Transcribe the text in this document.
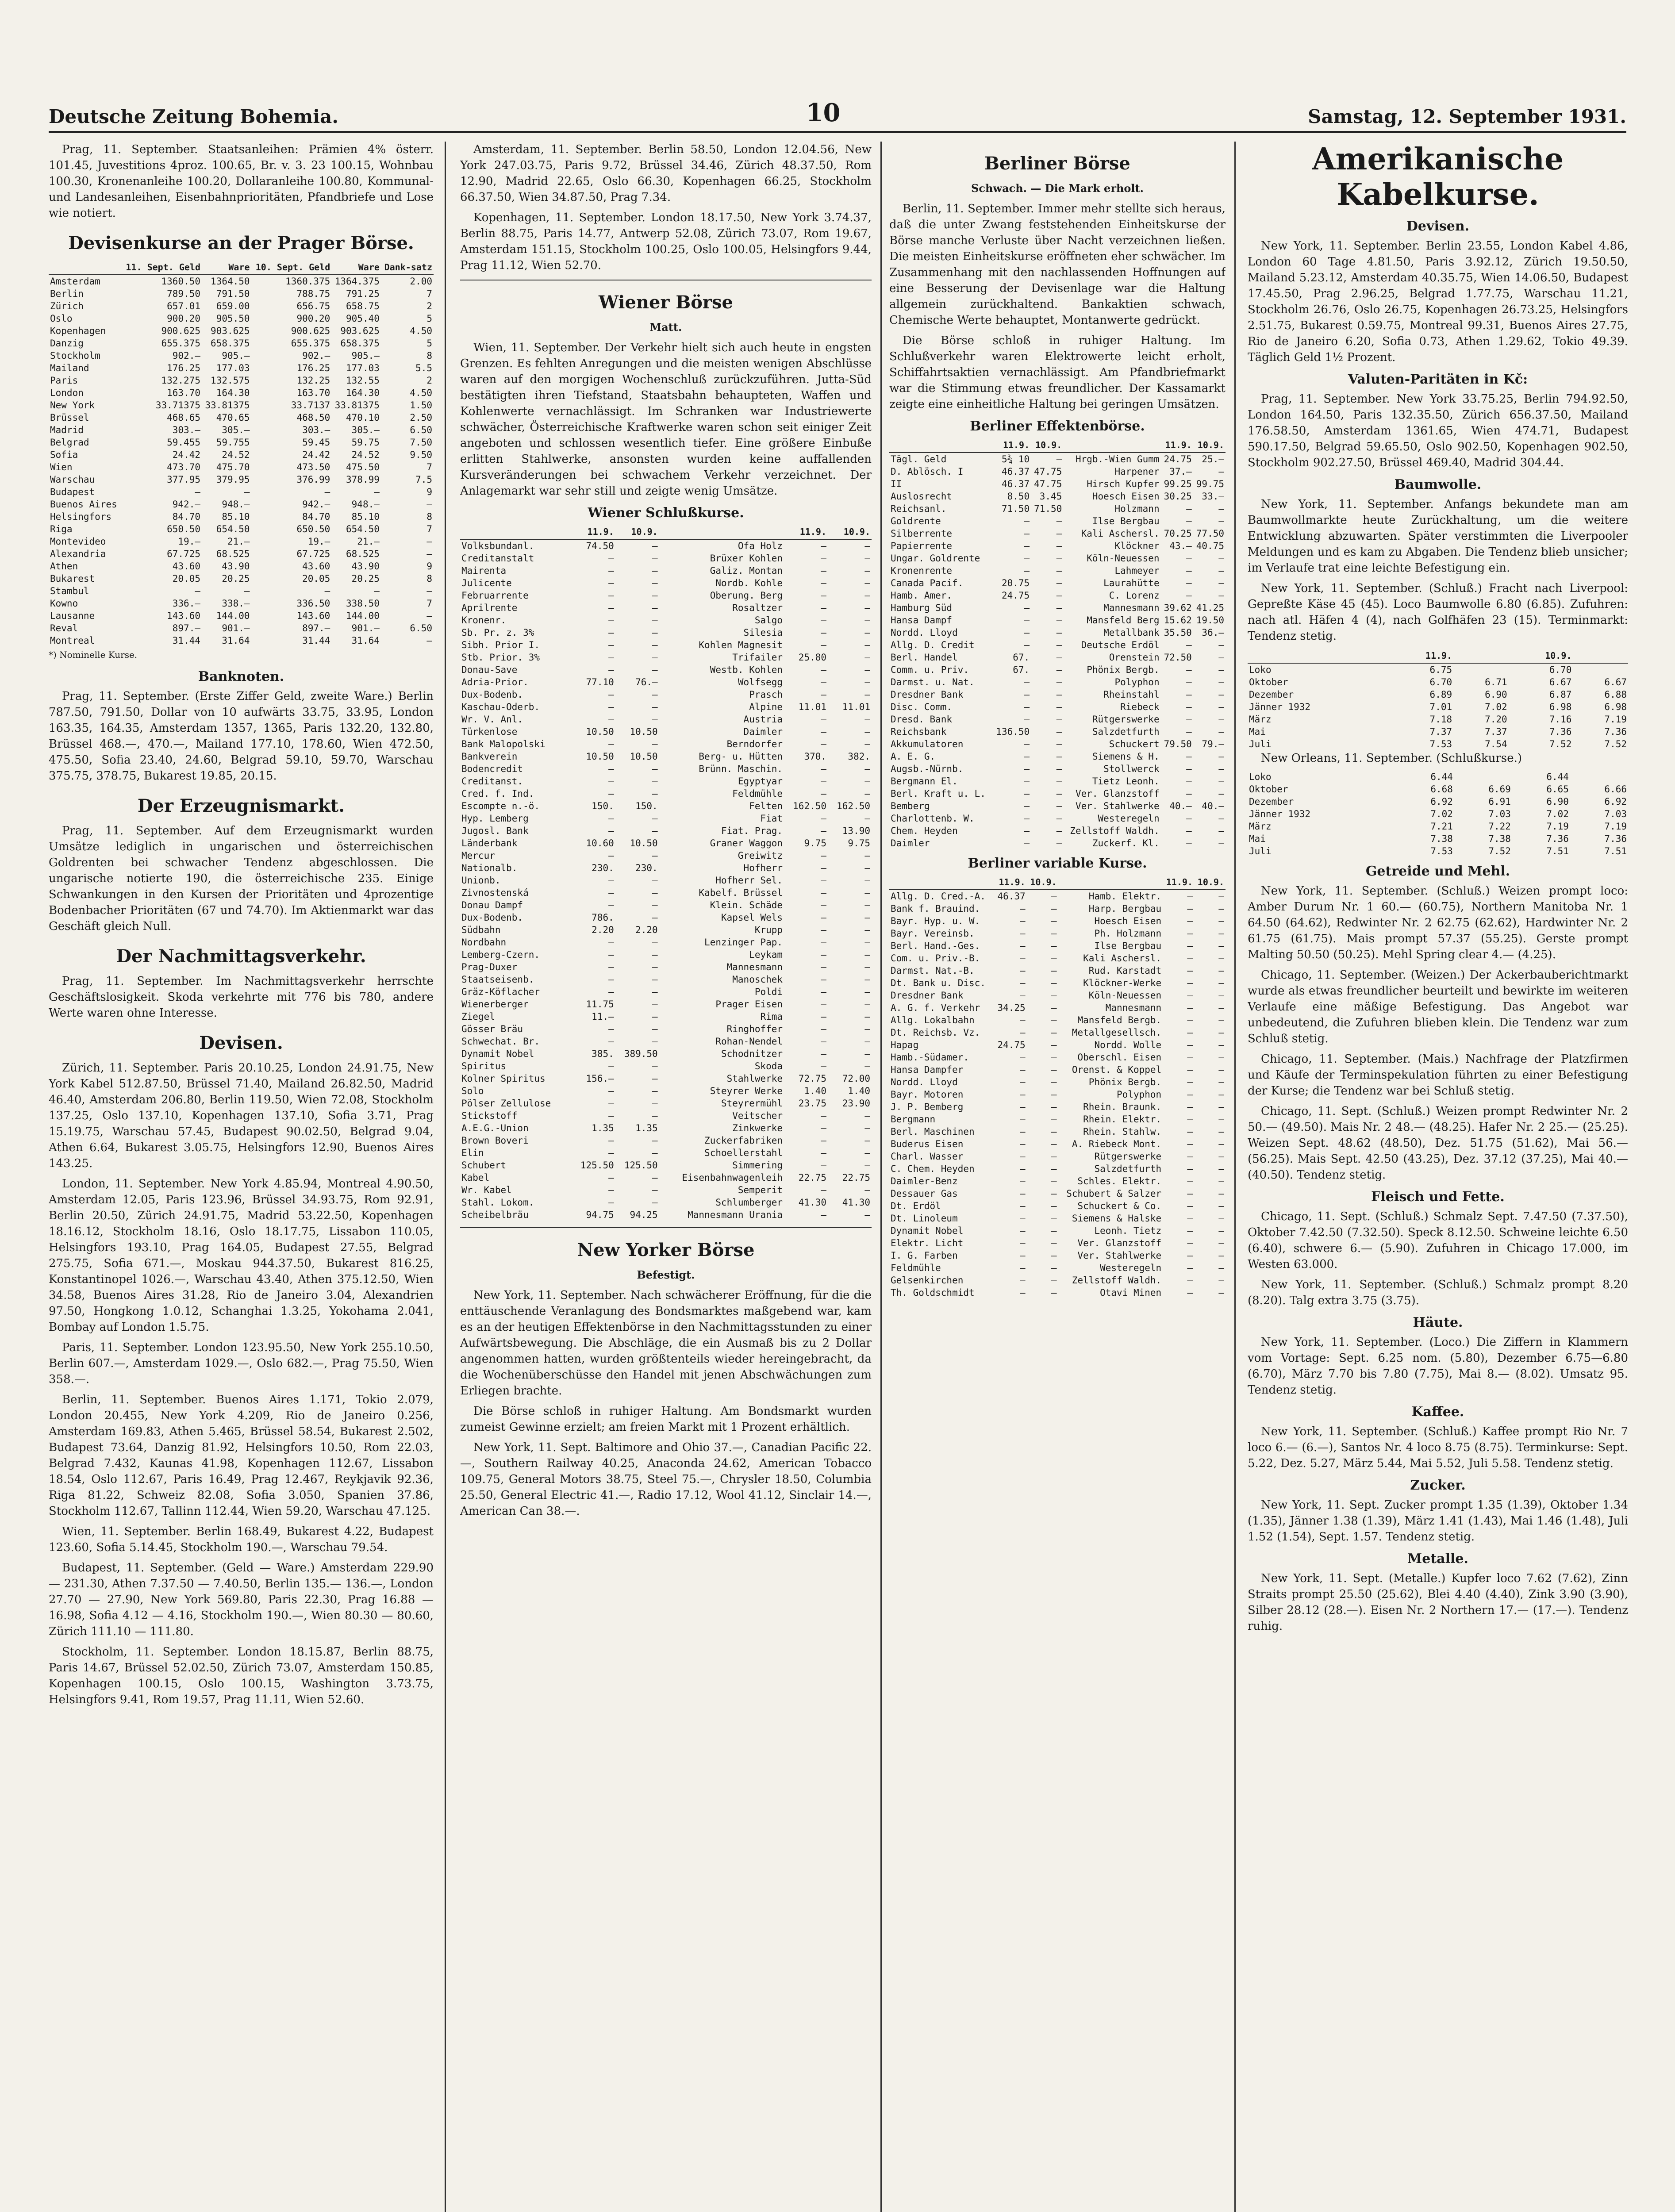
Deutsche Zeitung Bohemia.	10	Samstag, 12. September 1931.

Prag, 11. September. Staatsanleihen: Prämien 4% österr. 101.45, Juvestitions 4proz. 100.65, Br. v. 3. 23 100.15, Wohnbau 100.30, Kronenanleihe 100.20, Dollaranleihe 100.80, Kommunal- und Landesanleihen, Eisenbahnprioritäten, Pfandbriefe und Lose wie notiert.

Devisenkurse an der Prager Börse.
	11. Sept. Geld	Ware	10. Sept. Geld	Ware	Dank-satz
Amsterdam	1360.50	1364.50	1360.375	1364.375	2.00
Berlin	789.50	791.50	788.75	791.25	7
Zürich	657.01	659.00	656.75	658.75	2
Oslo	900.20	905.50	900.20	905.40	5
Kopenhagen	900.625	903.625	900.625	903.625	4.50
Danzig	655.375	658.375	655.375	658.375	5
Stockholm	902.—	905.—	902.—	905.—	8
Mailand	176.25	177.03	176.25	177.03	5.5
Paris	132.275	132.575	132.25	132.55	2
London	163.70	164.30	163.70	164.30	4.50
New York	33.71375	33.81375	33.7137	33.81375	1.50
Brüssel	468.65	470.65	468.50	470.10	2.50
Madrid	303.—	305.—	303.—	305.—	6.50
Belgrad	59.455	59.755	59.45	59.75	7.50
Sofia	24.42	24.52	24.42	24.52	9.50
Wien	473.70	475.70	473.50	475.50	7
Warschau	377.95	379.95	376.99	378.99	7.5
Budapest	—	—	—	—	9
Buenos Aires	942.—	948.—	942.—	948.—	—
Helsingfors	84.70	85.10	84.70	85.10	8
Riga	650.50	654.50	650.50	654.50	7
Montevideo	19.—	21.—	19.—	21.—	—
Alexandria	67.725	68.525	67.725	68.525	—
Athen	43.60	43.90	43.60	43.90	9
Bukarest	20.05	20.25	20.05	20.25	8
Stambul	—	—	—	—	—
Kowno	336.—	338.—	336.50	338.50	7
Lausanne	143.60	144.00	143.60	144.00	—
Reval	897.—	901.—	897.—	901.—	6.50
Montreal	31.44	31.64	31.44	31.64	—

*) Nominelle Kurse.

Banknoten.

Prag, 11. September. (Erste Ziffer Geld, zweite Ware.) Berlin 787.50, 791.50, Dollar von 10 aufwärts 33.75, 33.95, London 163.35, 164.35, Amsterdam 1357, 1365, Paris 132.20, 132.80, Brüssel 468.—, 470.—, Mailand 177.10, 178.60, Wien 472.50, 475.50, Sofia 23.40, 24.60, Belgrad 59.10, 59.70, Warschau 375.75, 378.75, Bukarest 19.85, 20.15.

Der Erzeugnismarkt.

Prag, 11. September. Auf dem Erzeugnismarkt wurden Umsätze lediglich in ungarischen und österreichischen Goldrenten bei schwacher Tendenz abgeschlossen. Die ungarische notierte 190, die österreichische 235. Einige Schwankungen in den Kursen der Prioritäten und 4prozentige Bodenbacher Prioritäten (67 und 74.70). Im Aktienmarkt war das Geschäft gleich Null.

Der Nachmittagsverkehr.

Prag, 11. September. Im Nachmittagsverkehr herrschte Geschäftslosigkeit. Skoda verkehrte mit 776 bis 780, andere Werte waren ohne Interesse.

Devisen.

Zürich, 11. September. Paris 20.10.25, London 24.91.75, New York Kabel 512.87.50, Brüssel 71.40, Mailand 26.82.50, Madrid 46.40, Amsterdam 206.80, Berlin 119.50, Wien 72.08, Stockholm 137.25, Oslo 137.10, Kopenhagen 137.10, Sofia 3.71, Prag 15.19.75, Warschau 57.45, Budapest 90.02.50, Belgrad 9.04, Athen 6.64, Bukarest 3.05.75, Helsingfors 12.90, Buenos Aires 143.25.

London, 11. September. New York 4.85.94, Montreal 4.90.50, Amsterdam 12.05, Paris 123.96, Brüssel 34.93.75, Rom 92.91, Berlin 20.50, Zürich 24.91.75, Madrid 53.22.50, Kopenhagen 18.16.12, Stockholm 18.16, Oslo 18.17.75, Lissabon 110.05, Helsingfors 193.10, Prag 164.05, Budapest 27.55, Belgrad 275.75, Sofia 671.—, Moskau 944.37.50, Bukarest 816.25, Konstantinopel 1026.—, Warschau 43.40, Athen 375.12.50, Wien 34.58, Buenos Aires 31.28, Rio de Janeiro 3.04, Alexandrien 97.50, Hongkong 1.0.12, Schanghai 1.3.25, Yokohama 2.041, Bombay auf London 1.5.75.

Paris, 11. September. London 123.95.50, New York 255.10.50, Berlin 607.—, Amsterdam 1029.—, Oslo 682.—, Prag 75.50, Wien 358.—.

Berlin, 11. September. Buenos Aires 1.171, Tokio 2.079, London 20.455, New York 4.209, Rio de Janeiro 0.256, Amsterdam 169.83, Athen 5.465, Brüssel 58.54, Bukarest 2.502, Budapest 73.64, Danzig 81.92, Helsingfors 10.50, Rom 22.03, Belgrad 7.432, Kaunas 41.98, Kopenhagen 112.67, Lissabon 18.54, Oslo 112.67, Paris 16.49, Prag 12.467, Reykjavik 92.36, Riga 81.22, Schweiz 82.08, Sofia 3.050, Spanien 37.86, Stockholm 112.67, Tallinn 112.44, Wien 59.20, Warschau 47.125.

Wien, 11. September. Berlin 168.49, Bukarest 4.22, Budapest 123.60, Sofia 5.14.45, Stockholm 190.—, Warschau 79.54.

Budapest, 11. September. (Geld — Ware.) Amsterdam 229.90 — 231.30, Athen 7.37.50 — 7.40.50, Berlin 135.— 136.—, London 27.70 — 27.90, New York 569.80, Paris 22.30, Prag 16.88 — 16.98, Sofia 4.12 — 4.16, Stockholm 190.—, Wien 80.30 — 80.60, Zürich 111.10 — 111.80.

Stockholm, 11. September. London 18.15.87, Berlin 88.75, Paris 14.67, Brüssel 52.02.50, Zürich 73.07, Amsterdam 150.85, Kopenhagen 100.15, Oslo 100.15, Washington 3.73.75, Helsingfors 9.41, Rom 19.57, Prag 11.11, Wien 52.60.

Amsterdam, 11. September. Berlin 58.50, London 12.04.56, New York 247.03.75, Paris 9.72, Brüssel 34.46, Zürich 48.37.50, Rom 12.90, Madrid 22.65, Oslo 66.30, Kopenhagen 66.25, Stockholm 66.37.50, Wien 34.87.50, Prag 7.34.

Kopenhagen, 11. September. London 18.17.50, New York 3.74.37, Berlin 88.75, Paris 14.77, Antwerp 52.08, Zürich 73.07, Rom 19.67, Amsterdam 151.15, Stockholm 100.25, Oslo 100.05, Helsingfors 9.44, Prag 11.12, Wien 52.70.

Wiener Börse
Matt.

Wien, 11. September. Der Verkehr hielt sich auch heute in engsten Grenzen. Es fehlten Anregungen und die meisten wenigen Abschlüsse waren auf den morgigen Wochenschluß zurückzuführen. Jutta-Süd bestätigten ihren Tiefstand, Staatsbahn behaupteten, Waffen und Kohlenwerte vernachlässigt. Im Schranken war Industriewerte schwächer, Österreichische Kraftwerke waren schon seit einiger Zeit angeboten und schlossen wesentlich tiefer. Eine größere Einbuße erlitten Stahlwerke, ansonsten wurden keine auffallenden Kursveränderungen bei schwachem Verkehr verzeichnet. Der Anlagemarkt war sehr still und zeigte wenig Umsätze.

Wiener Schlußkurse.
	11.9.	10.9.		11.9.	10.9.
Volksbundanl.	74.50	—	Ofa Holz	—	—
Creditanstalt	—	—	Brüxer Kohlen	—	—
Mairenta	—	—	Galiz. Montan	—	—
Julicente	—	—	Nordb. Kohle	—	—
Februarrente	—	—	Oberung. Berg	—	—
Aprilrente	—	—	Rosaltzer	—	—
Kronenr.	—	—	Salgo	—	—
Sb. Pr. z. 3%	—	—	Silesia	—	—
Sibh. Prior I.	—	—	Kohlen Magnesit	—	—
Stb. Prior. 3%	—	—	Trifailer	25.80	—
Donau-Save	—	—	Westb. Kohlen	—	—
Adria-Prior.	77.10	76.—	Wolfsegg	—	—
Dux-Bodenb.	—	—	Prasch	—	—
Kaschau-Oderb.	—	—	Alpine	11.01	11.01
Wr. V. Anl.	—	—	Austria	—	—
Türkenlose	10.50	10.50	Daimler	—	—
Bank Malopolski	—	—	Berndorfer	—	—
Bankverein	10.50	10.50	Berg- u. Hütten	370.	382.
Bodencredit	—	—	Brünn. Maschin.	—	—
Creditanst.	—	—	Egyptyar	—	—
Cred. f. Ind.	—	—	Feldmühle	—	—
Escompte n.-ö.	150.	150.	Felten	162.50	162.50
Hyp. Lemberg	—	—	Fiat	—	—
Jugosl. Bank	—	—	Fiat. Prag.	—	13.90
Länderbank	10.60	10.50	Graner Waggon	9.75	9.75
Mercur	—	—	Greiwitz	—	—
Nationalb.	230.	230.	Hofherr	—	—
Unionb.	—	—	Hofherr Sel.	—	—
Zivnostenská	—	—	Kabelf. Brüssel	—	—
Donau Dampf	—	—	Klein. Schäde	—	—
Dux-Bodenb.	786.	—	Kapsel Wels	—	—
Südbahn	2.20	2.20	Krupp	—	—
Nordbahn	—	—	Lenzinger Pap.	—	—
Lemberg-Czern.	—	—	Leykam	—	—
Prag-Duxer	—	—	Mannesmann	—	—
Staatseisenb.	—	—	Manoschek	—	—
Gräz-Köflacher	—	—	Poldi	—	—
Wienerberger	11.75	—	Prager Eisen	—	—
Ziegel	11.—	—	Rima	—	—
Gösser Bräu	—	—	Ringhoffer	—	—
Schwechat. Br.	—	—	Rohan-Nendel	—	—
Dynamit Nobel	385.	389.50	Schodnitzer	—	—
Spiritus	—	—	Skoda	—	—
Kolner Spiritus	156.—	—	Stahlwerke	72.75	72.00
Solo	—	—	Steyrer Werke	1.40	1.40
Pölser Zellulose	—	—	Steyrermühl	23.75	23.90
Stickstoff	—	—	Veitscher	—	—
A.E.G.-Union	1.35	1.35	Zinkwerke	—	—
Brown Boveri	—	—	Zuckerfabriken	—	—
Elin	—	—	Schoellerstahl	—	—
Schubert	125.50	125.50	Simmering	—	—
Kabel	—	—	Eisenbahnwagenleih	22.75	22.75
Wr. Kabel	—	—	Semperit	—	—
Stahl. Lokom.	—	—	Schlumberger	41.30	41.30
Scheibelbräu	94.75	94.25	Mannesmann Urania	—	—
New Yorker Börse
Befestigt.

New York, 11. September. Nach schwächerer Eröffnung, für die die enttäuschende Veranlagung des Bondsmarktes maßgebend war, kam es an der heutigen Effektenbörse in den Nachmittagsstunden zu einer Aufwärtsbewegung. Die Abschläge, die ein Ausmaß bis zu 2 Dollar angenommen hatten, wurden größtenteils wieder hereingebracht, da die Wochenüberschüsse den Handel mit jenen Abschwächungen zum Erliegen brachte.

Die Börse schloß in ruhiger Haltung. Am Bondsmarkt wurden zumeist Gewinne erzielt; am freien Markt mit 1 Prozent erhältlich.

New York, 11. Sept. Baltimore and Ohio 37.—, Canadian Pacific 22.—, Southern Railway 40.25, Anaconda 24.62, American Tobacco 109.75, General Motors 38.75, Steel 75.—, Chrysler 18.50, Columbia 25.50, General Electric 41.—, Radio 17.12, Wool 41.12, Sinclair 14.—, American Can 38.—.

Berliner Börse
Schwach. — Die Mark erholt.

Berlin, 11. September. Immer mehr stellte sich heraus, daß die unter Zwang feststehenden Einheitskurse der Börse manche Verluste über Nacht verzeichnen ließen. Die meisten Einheitskurse eröffneten eher schwächer. Im Zusammenhang mit den nachlassenden Hoffnungen auf eine Besserung der Devisenlage war die Haltung allgemein zurückhaltend. Bankaktien schwach, Chemische Werte behauptet, Montanwerte gedrückt.

Die Börse schloß in ruhiger Haltung. Im Schlußverkehr waren Elektrowerte leicht erholt, Schiffahrtsaktien vernachlässigt. Am Pfandbriefmarkt war die Stimmung etwas freundlicher. Der Kassamarkt zeigte eine einheitliche Haltung bei geringen Umsätzen.

Berliner Effektenbörse.
	11.9.	10.9.		11.9.	10.9.
Tägl. Geld	5¾ 10	—	Hrgb.-Wien Gumm	24.75	25.—
D. Ablösch. I	46.37	47.75	Harpener	37.—	—
II	46.37	47.75	Hirsch Kupfer	99.25	99.75
Auslosrecht	8.50	3.45	Hoesch Eisen	30.25	33.—
Reichsanl.	71.50	71.50	Holzmann	—	—
Goldrente	—	—	Ilse Bergbau	—	—
Silberrente	—	—	Kali Aschersl.	70.25	77.50
Papierrente	—	—	Klöckner	43.—	40.75
Ungar. Goldrente	—	—	Köln-Neuessen	—	—
Kronenrente	—	—	Lahmeyer	—	—
Canada Pacif.	20.75	—	Laurahütte	—	—
Hamb. Amer.	24.75	—	C. Lorenz	—	—
Hamburg Süd	—	—	Mannesmann	39.62	41.25
Hansa Dampf	—	—	Mansfeld Berg	15.62	19.50
Nordd. Lloyd	—	—	Metallbank	35.50	36.—
Allg. D. Credit	—	—	Deutsche Erdöl	—	—
Berl. Handel	67.	—	Orenstein	72.50	—
Comm. u. Priv.	67.	—	Phönix Bergb.	—	—
Darmst. u. Nat.	—	—	Polyphon	—	—
Dresdner Bank	—	—	Rheinstahl	—	—
Disc. Comm.	—	—	Riebeck	—	—
Dresd. Bank	—	—	Rütgerswerke	—	—
Reichsbank	136.50	—	Salzdetfurth	—	—
Akkumulatoren	—	—	Schuckert	79.50	79.—
A. E. G.	—	—	Siemens & H.	—	—
Augsb.-Nürnb.	—	—	Stollwerck	—	—
Bergmann El.	—	—	Tietz Leonh.	—	—
Berl. Kraft u. L.	—	—	Ver. Glanzstoff	—	—
Bemberg	—	—	Ver. Stahlwerke	40.—	40.—
Charlottenb. W.	—	—	Westeregeln	—	—
Chem. Heyden	—	—	Zellstoff Waldh.	—	—
Daimler	—	—	Zuckerf. Kl.	—	—
Berliner variable Kurse.
	11.9.	10.9.		11.9.	10.9.
Allg. D. Cred.-A.	46.37	—	Hamb. Elektr.	—	—
Bank f. Brauind.	—	—	Harp. Bergbau	—	—
Bayr. Hyp. u. W.	—	—	Hoesch Eisen	—	—
Bayr. Vereinsb.	—	—	Ph. Holzmann	—	—
Berl. Hand.-Ges.	—	—	Ilse Bergbau	—	—
Com. u. Priv.-B.	—	—	Kali Aschersl.	—	—
Darmst. Nat.-B.	—	—	Rud. Karstadt	—	—
Dt. Bank u. Disc.	—	—	Klöckner-Werke	—	—
Dresdner Bank	—	—	Köln-Neuessen	—	—
A. G. f. Verkehr	34.25	—	Mannesmann	—	—
Allg. Lokalbahn	—	—	Mansfeld Bergb.	—	—
Dt. Reichsb. Vz.	—	—	Metallgesellsch.	—	—
Hapag	24.75	—	Nordd. Wolle	—	—
Hamb.-Südamer.	—	—	Oberschl. Eisen	—	—
Hansa Dampfer	—	—	Orenst. & Koppel	—	—
Nordd. Lloyd	—	—	Phönix Bergb.	—	—
Bayr. Motoren	—	—	Polyphon	—	—
J. P. Bemberg	—	—	Rhein. Braunk.	—	—
Bergmann	—	—	Rhein. Elektr.	—	—
Berl. Maschinen	—	—	Rhein. Stahlw.	—	—
Buderus Eisen	—	—	A. Riebeck Mont.	—	—
Charl. Wasser	—	—	Rütgerswerke	—	—
C. Chem. Heyden	—	—	Salzdetfurth	—	—
Daimler-Benz	—	—	Schles. Elektr.	—	—
Dessauer Gas	—	—	Schubert & Salzer	—	—
Dt. Erdöl	—	—	Schuckert & Co.	—	—
Dt. Linoleum	—	—	Siemens & Halske	—	—
Dynamit Nobel	—	—	Leonh. Tietz	—	—
Elektr. Licht	—	—	Ver. Glanzstoff	—	—
I. G. Farben	—	—	Ver. Stahlwerke	—	—
Feldmühle	—	—	Westeregeln	—	—
Gelsenkirchen	—	—	Zellstoff Waldh.	—	—
Th. Goldschmidt	—	—	Otavi Minen	—	—
Amerikanische Kabelkurse.
Devisen.

New York, 11. September. Berlin 23.55, London Kabel 4.86, London 60 Tage 4.81.50, Paris 3.92.12, Zürich 19.50.50, Mailand 5.23.12, Amsterdam 40.35.75, Wien 14.06.50, Budapest 17.45.50, Prag 2.96.25, Belgrad 1.77.75, Warschau 11.21, Stockholm 26.76, Oslo 26.75, Kopenhagen 26.73.25, Helsingfors 2.51.75, Bukarest 0.59.75, Montreal 99.31, Buenos Aires 27.75, Rio de Janeiro 6.20, Sofia 0.73, Athen 1.29.62, Tokio 49.39. Täglich Geld 1½ Prozent.

Valuten-Paritäten in Kč:

Prag, 11. September. New York 33.75.25, Berlin 794.92.50, London 164.50, Paris 132.35.50, Zürich 656.37.50, Mailand 176.58.50, Amsterdam 1361.65, Wien 474.71, Budapest 590.17.50, Belgrad 59.65.50, Oslo 902.50, Kopenhagen 902.50, Stockholm 902.27.50, Brüssel 469.40, Madrid 304.44.

Baumwolle.

New York, 11. September. Anfangs bekundete man am Baumwollmarkte heute Zurückhaltung, um die weitere Entwicklung abzuwarten. Später verstimmten die Liverpooler Meldungen und es kam zu Abgaben. Die Tendenz blieb unsicher; im Verlaufe trat eine leichte Befestigung ein.

New York, 11. September. (Schluß.) Fracht nach Liverpool: Gepreßte Käse 45 (45). Loco Baumwolle 6.80 (6.85). Zufuhren: nach atl. Häfen 4 (4), nach Golfhäfen 23 (15). Terminmarkt: Tendenz stetig.

	11.9.		10.9.	
Loko	6.75		6.70	
Oktober	6.70	6.71	6.67	6.67
Dezember	6.89	6.90	6.87	6.88
Jänner 1932	7.01	7.02	6.98	6.98
März	7.18	7.20	7.16	7.19
Mai	7.37	7.37	7.36	7.36
Juli	7.53	7.54	7.52	7.52

New Orleans, 11. September. (Schlußkurse.)

Loko	6.44		6.44	
Oktober	6.68	6.69	6.65	6.66
Dezember	6.92	6.91	6.90	6.92
Jänner 1932	7.02	7.03	7.02	7.03
März	7.21	7.22	7.19	7.19
Mai	7.38	7.38	7.36	7.36
Juli	7.53	7.52	7.51	7.51
Getreide und Mehl.

New York, 11. September. (Schluß.) Weizen prompt loco: Amber Durum Nr. 1 60.— (60.75), Northern Manitoba Nr. 1 64.50 (64.62), Redwinter Nr. 2 62.75 (62.62), Hardwinter Nr. 2 61.75 (61.75). Mais prompt 57.37 (55.25). Gerste prompt Malting 50.50 (50.25). Mehl Spring clear 4.— (4.25).

Chicago, 11. September. (Weizen.) Der Ackerbauberichtmarkt wurde als etwas freundlicher beurteilt und bewirkte im weiteren Verlaufe eine mäßige Befestigung. Das Angebot war unbedeutend, die Zufuhren blieben klein. Die Tendenz war zum Schluß stetig.

Chicago, 11. September. (Mais.) Nachfrage der Platzfirmen und Käufe der Terminspekulation führten zu einer Befestigung der Kurse; die Tendenz war bei Schluß stetig.

Chicago, 11. Sept. (Schluß.) Weizen prompt Redwinter Nr. 2 50.— (49.50). Mais Nr. 2 48.— (48.25). Hafer Nr. 2 25.— (25.25). Weizen Sept. 48.62 (48.50), Dez. 51.75 (51.62), Mai 56.— (56.25). Mais Sept. 42.50 (43.25), Dez. 37.12 (37.25), Mai 40.— (40.50). Tendenz stetig.

Fleisch und Fette.

Chicago, 11. Sept. (Schluß.) Schmalz Sept. 7.47.50 (7.37.50), Oktober 7.42.50 (7.32.50). Speck 8.12.50. Schweine leichte 6.50 (6.40), schwere 6.— (5.90). Zufuhren in Chicago 17.000, im Westen 63.000.

New York, 11. September. (Schluß.) Schmalz prompt 8.20 (8.20). Talg extra 3.75 (3.75).

Häute.

New York, 11. September. (Loco.) Die Ziffern in Klammern vom Vortage: Sept. 6.25 nom. (5.80), Dezember 6.75—6.80 (6.70), März 7.70 bis 7.80 (7.75), Mai 8.— (8.02). Umsatz 95. Tendenz stetig.

Kaffee.

New York, 11. September. (Schluß.) Kaffee prompt Rio Nr. 7 loco 6.— (6.—), Santos Nr. 4 loco 8.75 (8.75). Terminkurse: Sept. 5.22, Dez. 5.27, März 5.44, Mai 5.52, Juli 5.58. Tendenz stetig.

Zucker.

New York, 11. Sept. Zucker prompt 1.35 (1.39), Oktober 1.34 (1.35), Jänner 1.38 (1.39), März 1.41 (1.43), Mai 1.46 (1.48), Juli 1.52 (1.54), Sept. 1.57. Tendenz stetig.

Metalle.

New York, 11. Sept. (Metalle.) Kupfer loco 7.62 (7.62), Zinn Straits prompt 25.50 (25.62), Blei 4.40 (4.40), Zink 3.90 (3.90), Silber 28.12 (28.—). Eisen Nr. 2 Northern 17.— (17.—). Tendenz ruhig.
